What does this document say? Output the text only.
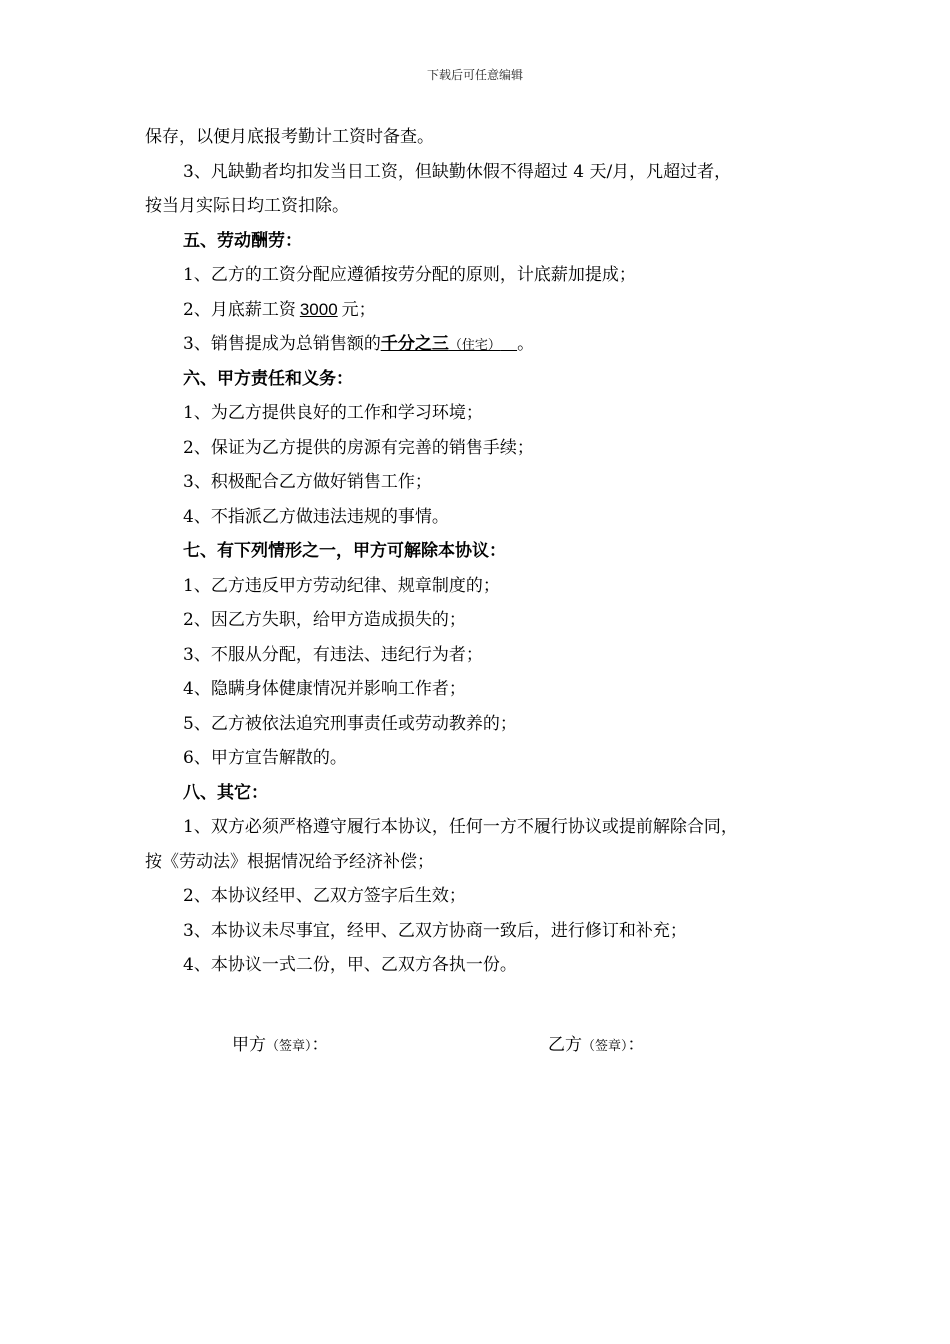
下载后可任意编辑
保存，以便月底报考勤计工资时备查。
3、凡缺勤者均扣发当日工资，但缺勤休假不得超过 4 天/月，凡超过者，
按当月实际日均工资扣除。
五、劳动酬劳：
1、乙方的工资分配应遵循按劳分配的原则，计底薪加提成；
2、月底薪工资 3000 元；
3、销售提成为总销售额的千分之三（住宅） 。
六、甲方责任和义务：
1、为乙方提供良好的工作和学习环境；
2、保证为乙方提供的房源有完善的销售手续；
3、积极配合乙方做好销售工作；
4、不指派乙方做违法违规的事情。
七、有下列情形之一，甲方可解除本协议：
1、乙方违反甲方劳动纪律、规章制度的；
2、因乙方失职，给甲方造成损失的；
3、不服从分配，有违法、违纪行为者；
4、隐瞒身体健康情况并影响工作者；
5、乙方被依法追究刑事责任或劳动教养的；
6、甲方宣告解散的。
八、其它：
1、双方必须严格遵守履行本协议，任何一方不履行协议或提前解除合同，
按《劳动法》根据情况给予经济补偿；
2、本协议经甲、乙双方签字后生效；
3、本协议未尽事宜，经甲、乙双方协商一致后，进行修订和补充；
4、本协议一式二份，甲、乙双方各执一份。
甲方（签章）：	乙方（签章）：
